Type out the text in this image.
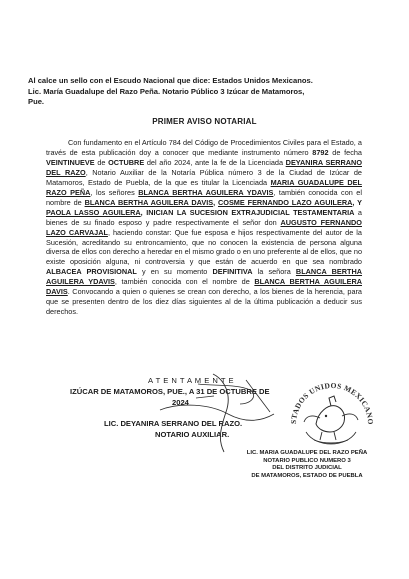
Al calce un sello con el Escudo Nacional que dice: Estados Unidos Mexicanos.
Lic. María Guadalupe del Razo Peña. Notario Público 3 Izúcar de Matamoros,
Pue.
PRIMER AVISO NOTARIAL
Con fundamento en el Artículo 784 del Código de Procedimientos Civiles para el Estado, a través de esta publicación doy a conocer que mediante instrumento número 8792 de fecha VEINTINUEVE de OCTUBRE del año 2024, ante la fe de la Licenciada DEYANIRA SERRANO DEL RAZO, Notario Auxiliar de la Notaría Pública número 3 de la Ciudad de Izúcar de Matamoros, Estado de Puebla, de la que es titular la Licenciada MARIA GUADALUPE DEL RAZO PEÑA, los señores BLANCA BERTHA AGUILERA YDAVIS, también conocida con el nombre de BLANCA BERTHA AGUILERA DAVIS, COSME FERNANDO LAZO AGUILERA, Y PAOLA LASSO AGUILERA, INICIAN LA SUCESION EXTRAJUDICIAL TESTAMENTARIA a bienes de su finado esposo y padre respectivamente el señor don AUGUSTO FERNANDO LAZO CARVAJAL, haciendo constar: Que fue esposa e hijos respectivamente del autor de la Sucesión, acreditando su entroncamiento, que no conocen la existencia de persona alguna diversa de ellos con derecho a heredar en el mismo grado o en uno preferente al de ellos, que no existe oposición alguna, ni controversia y que están de acuerdo en que sea nombrado ALBACEA PROVISIONAL y en su momento DEFINITIVA la señora BLANCA BERTHA AGUILERA YDAVIS, también conocida con el nombre de BLANCA BERTHA AGUILERA DAVIS. Convocando a quien o quienes se crean con derecho, a los bienes de la herencia, para que se presenten dentro de los diez días siguientes al de la última publicación a deducir sus derechos.
A T E N T A M E N T E
IZÚCAR DE MATAMOROS, PUE., A 31 DE OCTUBRE DE
2024
LIC. DEYANIRA SERRANO DEL RAZO.
NOTARIO AUXILIAR.
STADOS UNIDOS MEXICANO
LIC. MARIA GUADALUPE DEL RAZO PEÑA
NOTARIO PUBLICO NUMERO 3
DEL DISTRITO JUDICIAL
DE MATAMOROS, ESTADO DE PUEBLA
